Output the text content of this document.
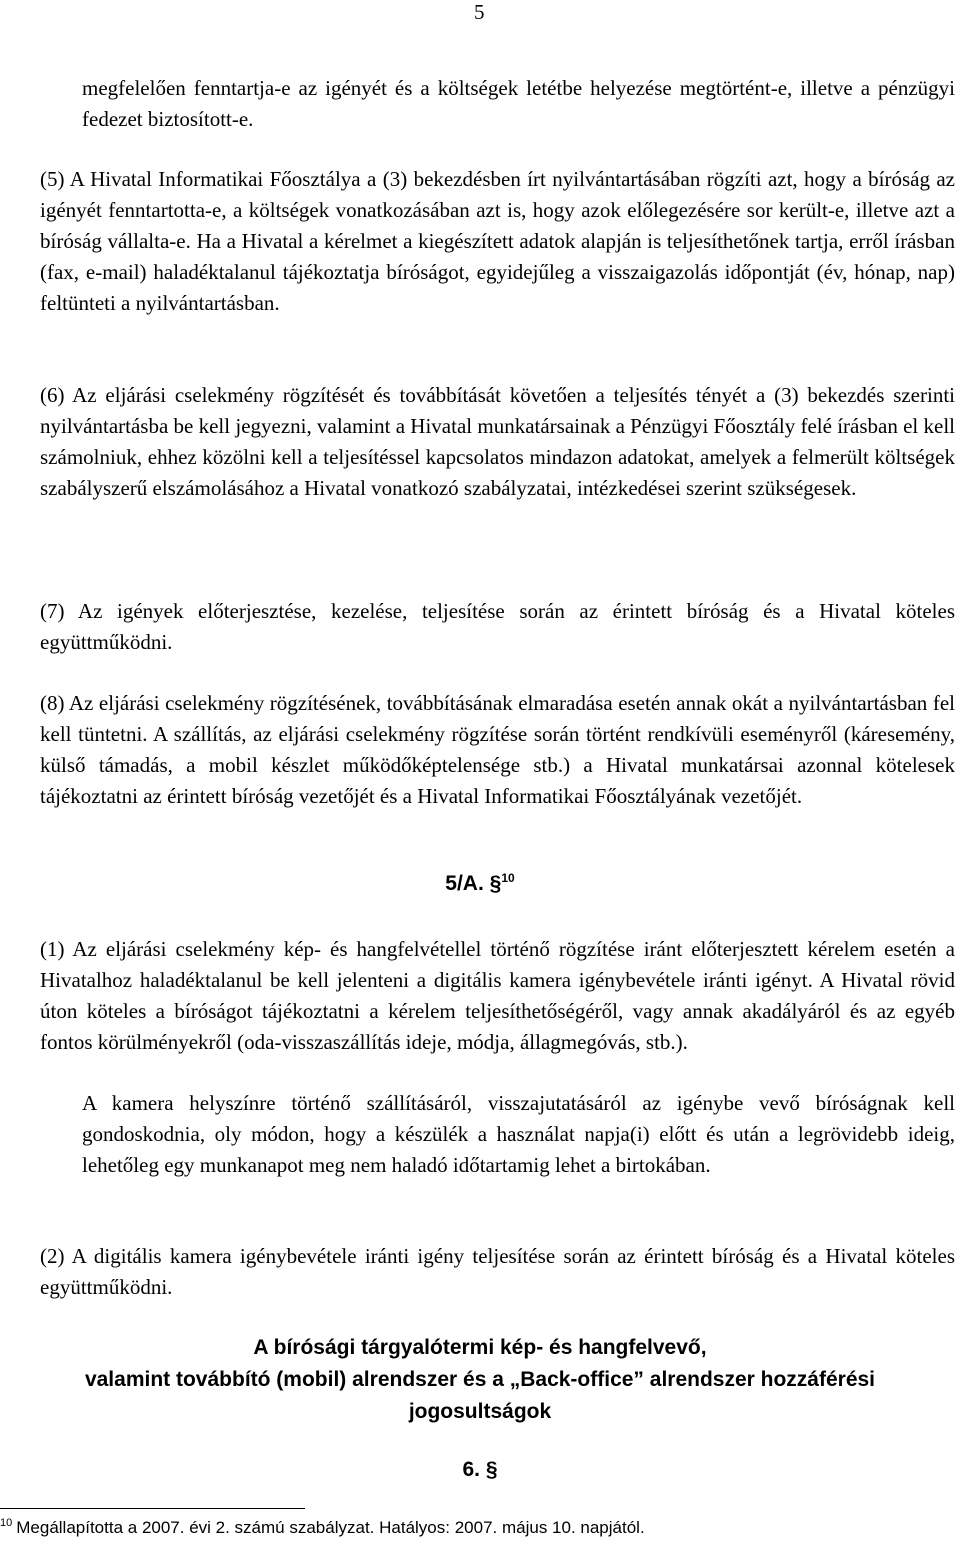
5

megfelelően fenntartja-e az igényét és a költségek letétbe helyezése megtörtént-e, illetve a pénzügyi fedezet biztosított-e.

(5) A Hivatal Informatikai Főosztálya a (3) bekezdésben írt nyilvántartásában rögzíti azt, hogy a bíróság az igényét fenntartotta-e, a költségek vonatkozásában azt is, hogy azok előlegezésére sor került-e, illetve azt a bíróság vállalta-e. Ha a Hivatal a kérelmet a kiegészített adatok alapján is teljesíthetőnek tartja, erről írásban (fax, e-mail) haladéktalanul tájékoztatja bíróságot, egyidejűleg a visszaigazolás időpontját (év, hónap, nap) feltünteti a nyilvántartásban.

(6) Az eljárási cselekmény rögzítését és továbbítását követően a teljesítés tényét a (3) bekezdés szerinti nyilvántartásba be kell jegyezni, valamint a Hivatal munkatársainak a Pénzügyi Főosztály felé írásban el kell számolniuk, ehhez közölni kell a teljesítéssel kapcsolatos mindazon adatokat, amelyek a felmerült költségek szabályszerű elszámolásához a Hivatal vonatkozó szabályzatai, intézkedései szerint szükségesek.

(7) Az igények előterjesztése, kezelése, teljesítése során az érintett bíróság és a Hivatal köteles együttműködni.

(8) Az eljárási cselekmény rögzítésének, továbbításának elmaradása esetén annak okát a nyilvántartásban fel kell tüntetni. A szállítás, az eljárási cselekmény rögzítése során történt rendkívüli eseményről (káresemény, külső támadás, a mobil készlet működőképtelensége stb.) a Hivatal munkatársai azonnal kötelesek tájékoztatni az érintett bíróság vezetőjét és a Hivatal Informatikai Főosztályának vezetőjét.

5/A. §$^{10}$

(1) Az eljárási cselekmény kép- és hangfelvétellel történő rögzítése iránt előterjesztett kérelem esetén a Hivatalhoz haladéktalanul be kell jelenteni a digitális kamera igénybevétele iránti igényt. A Hivatal rövid úton köteles a bíróságot tájékoztatni a kérelem teljesíthetőségéről, vagy annak akadályáról és az egyéb fontos körülményekről (oda-visszaszállítás ideje, módja, állagmegóvás, stb.).

A kamera helyszínre történő szállításáról, visszajutatásáról az igénybe vevő bíróságnak kell gondoskodnia, oly módon, hogy a készülék a használat napja(i) előtt és után a legrövidebb ideig, lehetőleg egy munkanapot meg nem haladó időtartamig lehet a birtokában.

(2) A digitális kamera igénybevétele iránti igény teljesítése során az érintett bíróság és a Hivatal köteles együttműködni.

A bírósági tárgyalótermi kép- és hangfelvevő,
valamint továbbító (mobil) alrendszer és a „Back-office” alrendszer hozzáférési
jogosultságok
6. §
$^{10}$ Megállapította a 2007. évi 2. számú szabályzat. Hatályos: 2007. május 10. napjától.
